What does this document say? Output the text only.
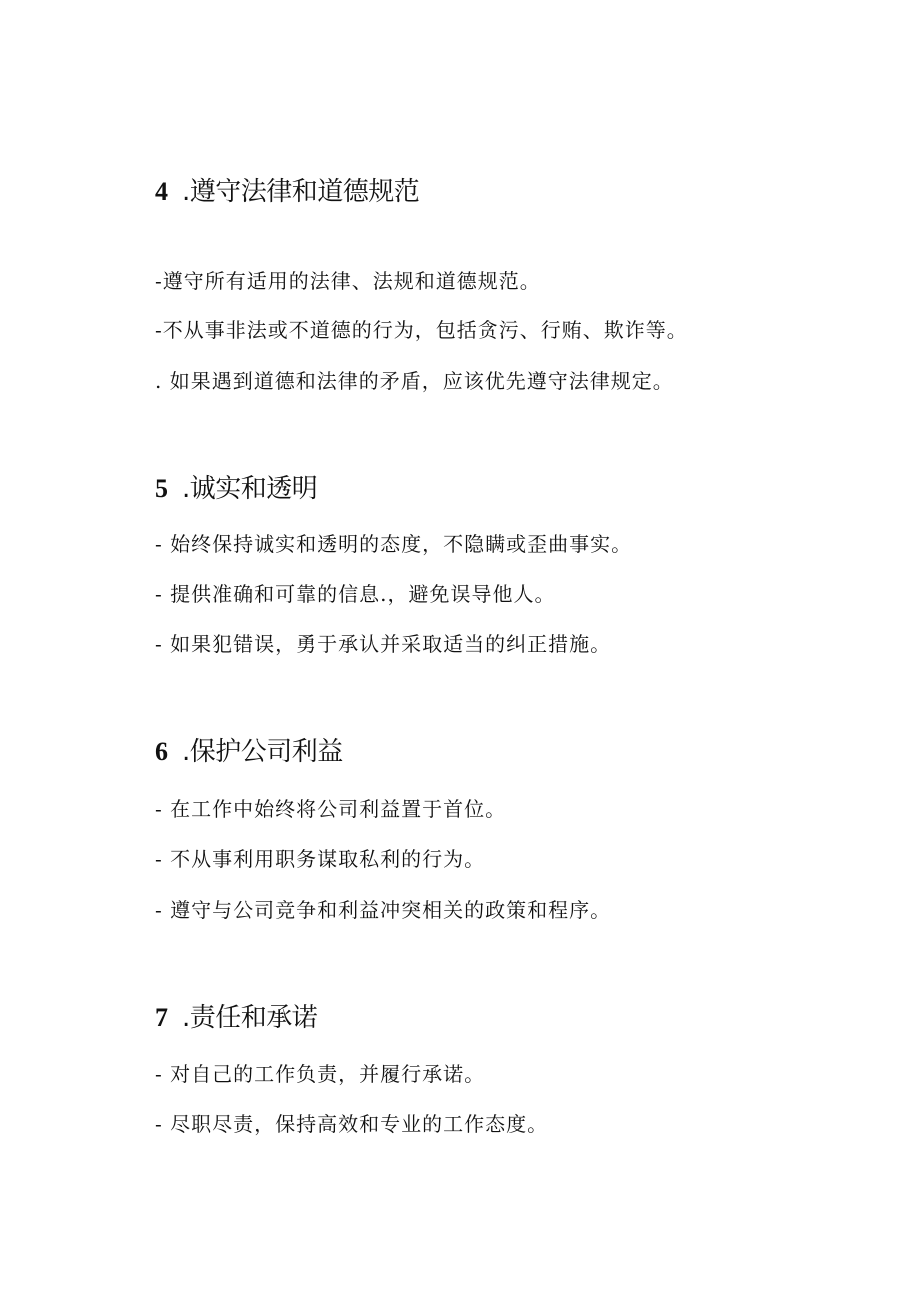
4 .遵守法律和道德规范
-遵守所有适用的法律、法规和道德规范。
-不从事非法或不道德的行为，包括贪污、行贿、欺诈等。
. 如果遇到道德和法律的矛盾，应该优先遵守法律规定。
5 .诚实和透明
- 始终保持诚实和透明的态度，不隐瞒或歪曲事实。
- 提供准确和可靠的信息.，避免误导他人。
- 如果犯错误，勇于承认并采取适当的纠正措施。
6 .保护公司利益
- 在工作中始终将公司利益置于首位。
- 不从事利用职务谋取私利的行为。
- 遵守与公司竞争和利益冲突相关的政策和程序。
7 .责任和承诺
- 对自己的工作负责，并履行承诺。
- 尽职尽责，保持高效和专业的工作态度。
